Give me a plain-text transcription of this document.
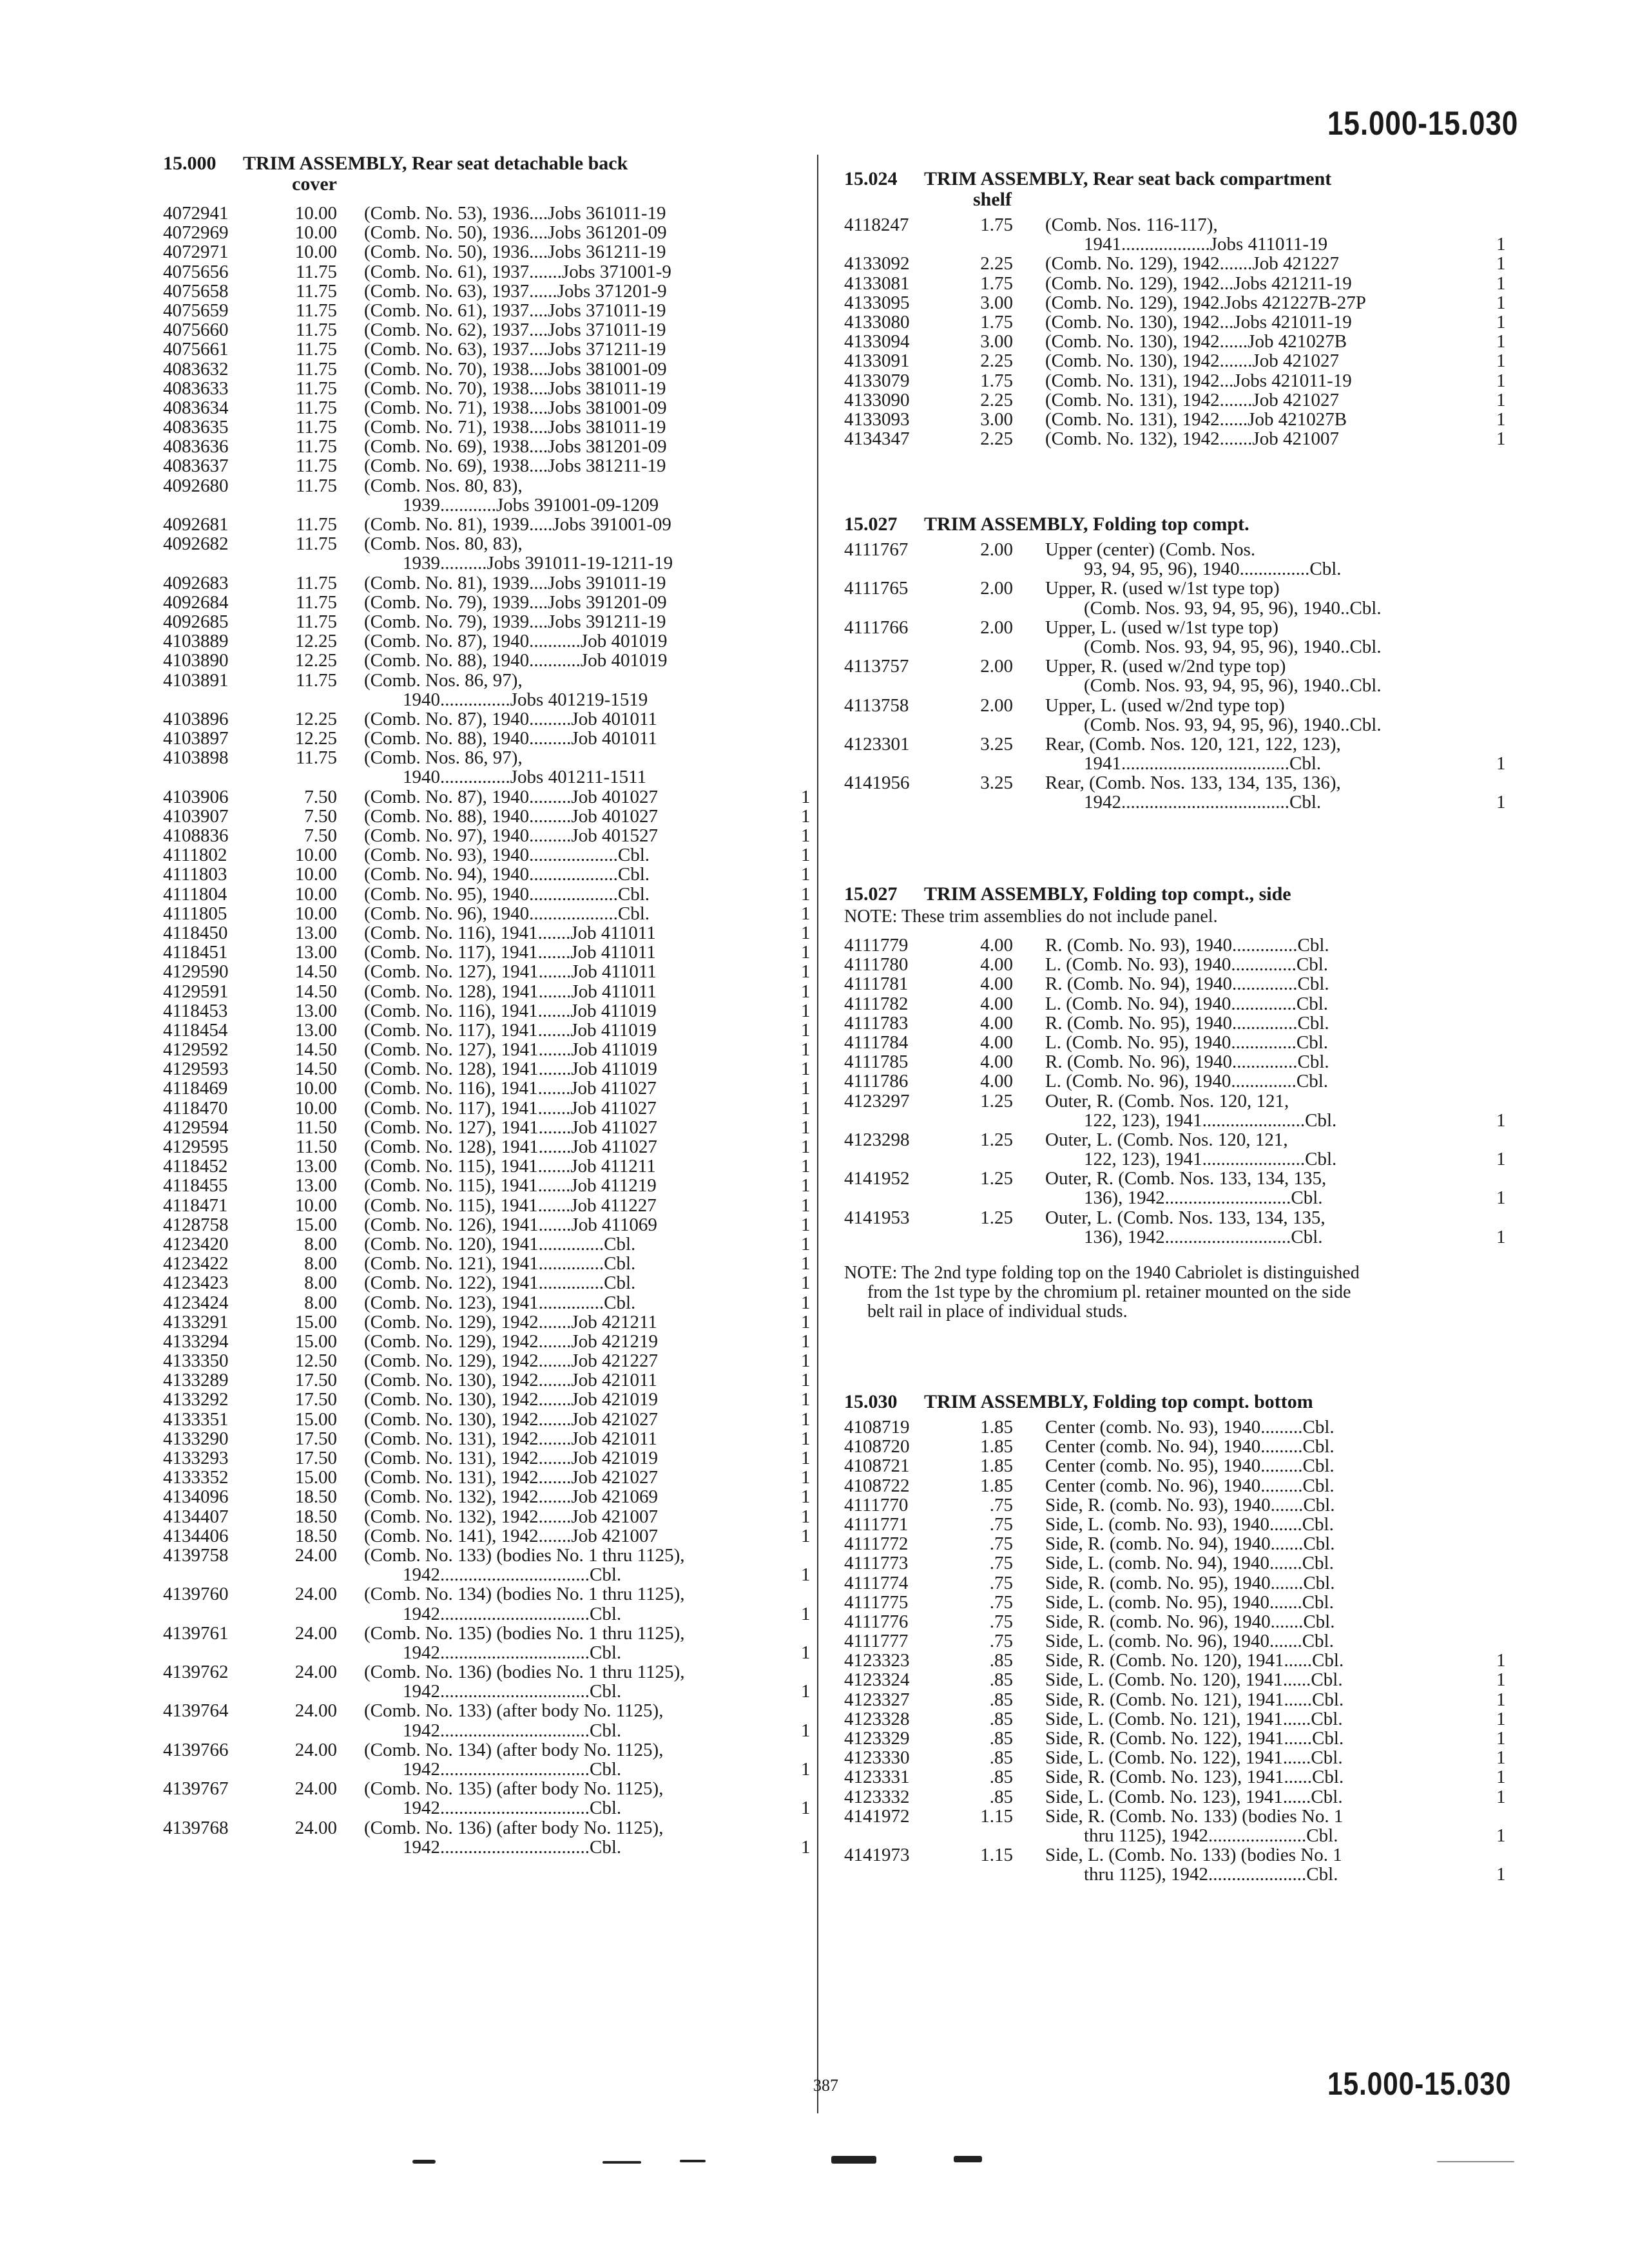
15.000-15.030
15.000 TRIM ASSEMBLY, Rear seat detachable back
cover
4072941	10.00 (Comb. No. 53), 1936....Jobs 361011-19
4072969	10.00 (Comb. No. 50), 1936....Jobs 361201-09
4072971	10.00 (Comb. No. 50), 1936....Jobs 361211-19
4075656	11.75 (Comb. No. 61), 1937.......Jobs 371001-9
4075658	11.75 (Comb. No. 63), 1937......Jobs 371201-9
4075659	11.75 (Comb. No. 61), 1937....Jobs 371011-19
4075660	11.75 (Comb. No. 62), 1937....Jobs 371011-19
4075661	11.75 (Comb. No. 63), 1937....Jobs 371211-19
4083632	11.75 (Comb. No. 70), 1938....Jobs 381001-09
4083633	11.75 (Comb. No. 70), 1938....Jobs 381011-19
4083634	11.75 (Comb. No. 71), 1938....Jobs 381001-09
4083635	11.75 (Comb. No. 71), 1938....Jobs 381011-19
4083636	11.75 (Comb. No. 69), 1938....Jobs 381201-09
4083637	11.75 (Comb. No. 69), 1938....Jobs 381211-19
4092680	11.75 (Comb. Nos. 80, 83),
1939............Jobs 391001-09-1209
4092681	11.75 (Comb. No. 81), 1939.....Jobs 391001-09
4092682	11.75 (Comb. Nos. 80, 83),
1939..........Jobs 391011-19-1211-19
4092683	11.75 (Comb. No. 81), 1939....Jobs 391011-19
4092684	11.75 (Comb. No. 79), 1939....Jobs 391201-09
4092685	11.75 (Comb. No. 79), 1939....Jobs 391211-19
4103889	12.25 (Comb. No. 87), 1940...........Job 401019
4103890	12.25 (Comb. No. 88), 1940...........Job 401019
4103891	11.75 (Comb. Nos. 86, 97),
1940...............Jobs 401219-1519
4103896	12.25 (Comb. No. 87), 1940.........Job 401011
4103897	12.25 (Comb. No. 88), 1940.........Job 401011
4103898	11.75 (Comb. Nos. 86, 97),
1940...............Jobs 401211-1511
4103906	7.50 (Comb. No. 87), 1940.........Job 401027	1
4103907	7.50 (Comb. No. 88), 1940.........Job 401027	1
4108836	7.50 (Comb. No. 97), 1940.........Job 401527	1
4111802	10.00 (Comb. No. 93), 1940...................Cbl.	1
4111803	10.00 (Comb. No. 94), 1940...................Cbl.	1
4111804	10.00 (Comb. No. 95), 1940...................Cbl.	1
4111805	10.00 (Comb. No. 96), 1940...................Cbl.	1
4118450	13.00 (Comb. No. 116), 1941.......Job 411011	1
4118451	13.00 (Comb. No. 117), 1941.......Job 411011	1
4129590	14.50 (Comb. No. 127), 1941.......Job 411011	1
4129591	14.50 (Comb. No. 128), 1941.......Job 411011	1
4118453	13.00 (Comb. No. 116), 1941.......Job 411019	1
4118454	13.00 (Comb. No. 117), 1941.......Job 411019	1
4129592	14.50 (Comb. No. 127), 1941.......Job 411019	1
4129593	14.50 (Comb. No. 128), 1941.......Job 411019	1
4118469	10.00 (Comb. No. 116), 1941.......Job 411027	1
4118470	10.00 (Comb. No. 117), 1941.......Job 411027	1
4129594	11.50 (Comb. No. 127), 1941.......Job 411027	1
4129595	11.50 (Comb. No. 128), 1941.......Job 411027	1
4118452	13.00 (Comb. No. 115), 1941.......Job 411211	1
4118455	13.00 (Comb. No. 115), 1941.......Job 411219	1
4118471	10.00 (Comb. No. 115), 1941.......Job 411227	1
4128758	15.00 (Comb. No. 126), 1941.......Job 411069	1
4123420	8.00 (Comb. No. 120), 1941..............Cbl.	1
4123422	8.00 (Comb. No. 121), 1941..............Cbl.	1
4123423	8.00 (Comb. No. 122), 1941..............Cbl.	1
4123424	8.00 (Comb. No. 123), 1941..............Cbl.	1
4133291	15.00 (Comb. No. 129), 1942.......Job 421211	1
4133294	15.00 (Comb. No. 129), 1942.......Job 421219	1
4133350	12.50 (Comb. No. 129), 1942.......Job 421227	1
4133289	17.50 (Comb. No. 130), 1942.......Job 421011	1
4133292	17.50 (Comb. No. 130), 1942.......Job 421019	1
4133351	15.00 (Comb. No. 130), 1942.......Job 421027	1
4133290	17.50 (Comb. No. 131), 1942.......Job 421011	1
4133293	17.50 (Comb. No. 131), 1942.......Job 421019	1
4133352	15.00 (Comb. No. 131), 1942.......Job 421027	1
4134096	18.50 (Comb. No. 132), 1942.......Job 421069	1
4134407	18.50 (Comb. No. 132), 1942.......Job 421007	1
4134406	18.50 (Comb. No. 141), 1942.......Job 421007	1
4139758	24.00 (Comb. No. 133) (bodies No. 1 thru 1125),
1942................................Cbl.	1
4139760	24.00 (Comb. No. 134) (bodies No. 1 thru 1125),
1942................................Cbl.	1
4139761	24.00 (Comb. No. 135) (bodies No. 1 thru 1125),
1942................................Cbl.	1
4139762	24.00 (Comb. No. 136) (bodies No. 1 thru 1125),
1942................................Cbl.	1
4139764	24.00 (Comb. No. 133) (after body No. 1125),
1942................................Cbl.	1
4139766	24.00 (Comb. No. 134) (after body No. 1125),
1942................................Cbl.	1
4139767	24.00 (Comb. No. 135) (after body No. 1125),
1942................................Cbl.	1
4139768	24.00 (Comb. No. 136) (after body No. 1125),
1942................................Cbl.	1
15.024 TRIM ASSEMBLY, Rear seat back compartment
shelf
4118247	1.75 (Comb. Nos. 116-117),
1941...................Jobs 411011-19	1
4133092	2.25 (Comb. No. 129), 1942.......Job 421227	1
4133081	1.75 (Comb. No. 129), 1942...Jobs 421211-19	1
4133095	3.00 (Comb. No. 129), 1942.Jobs 421227B-27P	1
4133080	1.75 (Comb. No. 130), 1942...Jobs 421011-19	1
4133094	3.00 (Comb. No. 130), 1942......Job 421027B	1
4133091	2.25 (Comb. No. 130), 1942.......Job 421027	1
4133079	1.75 (Comb. No. 131), 1942...Jobs 421011-19	1
4133090	2.25 (Comb. No. 131), 1942.......Job 421027	1
4133093	3.00 (Comb. No. 131), 1942......Job 421027B	1
4134347	2.25 (Comb. No. 132), 1942.......Job 421007	1
15.027 TRIM ASSEMBLY, Folding top compt.
4111767	2.00 Upper (center) (Comb. Nos.
93, 94, 95, 96), 1940...............Cbl.
4111765	2.00 Upper, R. (used w/1st type top)
(Comb. Nos. 93, 94, 95, 96), 1940..Cbl.
4111766	2.00 Upper, L. (used w/1st type top)
(Comb. Nos. 93, 94, 95, 96), 1940..Cbl.
4113757	2.00 Upper, R. (used w/2nd type top)
(Comb. Nos. 93, 94, 95, 96), 1940..Cbl.
4113758	2.00 Upper, L. (used w/2nd type top)
(Comb. Nos. 93, 94, 95, 96), 1940..Cbl.
4123301	3.25 Rear, (Comb. Nos. 120, 121, 122, 123),
1941....................................Cbl.	1
4141956	3.25 Rear, (Comb. Nos. 133, 134, 135, 136),
1942....................................Cbl.	1
15.027 TRIM ASSEMBLY, Folding top compt., side
NOTE: These trim assemblies do not include panel.
4111779	4.00 R. (Comb. No. 93), 1940..............Cbl.
4111780	4.00 L. (Comb. No. 93), 1940..............Cbl.
4111781	4.00 R. (Comb. No. 94), 1940..............Cbl.
4111782	4.00 L. (Comb. No. 94), 1940..............Cbl.
4111783	4.00 R. (Comb. No. 95), 1940..............Cbl.
4111784	4.00 L. (Comb. No. 95), 1940..............Cbl.
4111785	4.00 R. (Comb. No. 96), 1940..............Cbl.
4111786	4.00 L. (Comb. No. 96), 1940..............Cbl.
4123297	1.25 Outer, R. (Comb. Nos. 120, 121,
122, 123), 1941......................Cbl.	1
4123298	1.25 Outer, L. (Comb. Nos. 120, 121,
122, 123), 1941......................Cbl.	1
4141952	1.25 Outer, R. (Comb. Nos. 133, 134, 135,
136), 1942...........................Cbl.	1
4141953	1.25 Outer, L. (Comb. Nos. 133, 134, 135,
136), 1942...........................Cbl.	1
NOTE: The 2nd type folding top on the 1940 Cabriolet is distinguished
from the 1st type by the chromium pl. retainer mounted on the side
belt rail in place of individual studs.
15.030 TRIM ASSEMBLY, Folding top compt. bottom
4108719	1.85 Center (comb. No. 93), 1940.........Cbl.
4108720	1.85 Center (comb. No. 94), 1940.........Cbl.
4108721	1.85 Center (comb. No. 95), 1940.........Cbl.
4108722	1.85 Center (comb. No. 96), 1940.........Cbl.
4111770	.75 Side, R. (comb. No. 93), 1940.......Cbl.
4111771	.75 Side, L. (comb. No. 93), 1940.......Cbl.
4111772	.75 Side, R. (comb. No. 94), 1940.......Cbl.
4111773	.75 Side, L. (comb. No. 94), 1940.......Cbl.
4111774	.75 Side, R. (comb. No. 95), 1940.......Cbl.
4111775	.75 Side, L. (comb. No. 95), 1940.......Cbl.
4111776	.75 Side, R. (comb. No. 96), 1940.......Cbl.
4111777	.75 Side, L. (comb. No. 96), 1940.......Cbl.
4123323	.85 Side, R. (Comb. No. 120), 1941......Cbl.	1
4123324	.85 Side, L. (Comb. No. 120), 1941......Cbl.	1
4123327	.85 Side, R. (Comb. No. 121), 1941......Cbl.	1
4123328	.85 Side, L. (Comb. No. 121), 1941......Cbl.	1
4123329	.85 Side, R. (Comb. No. 122), 1941......Cbl.	1
4123330	.85 Side, L. (Comb. No. 122), 1941......Cbl.	1
4123331	.85 Side, R. (Comb. No. 123), 1941......Cbl.	1
4123332	.85 Side, L. (Comb. No. 123), 1941......Cbl.	1
4141972	1.15 Side, R. (Comb. No. 133) (bodies No. 1
thru 1125), 1942.....................Cbl.	1
4141973	1.15 Side, L. (Comb. No. 133) (bodies No. 1
thru 1125), 1942.....................Cbl.	1
387	15.000-15.030
